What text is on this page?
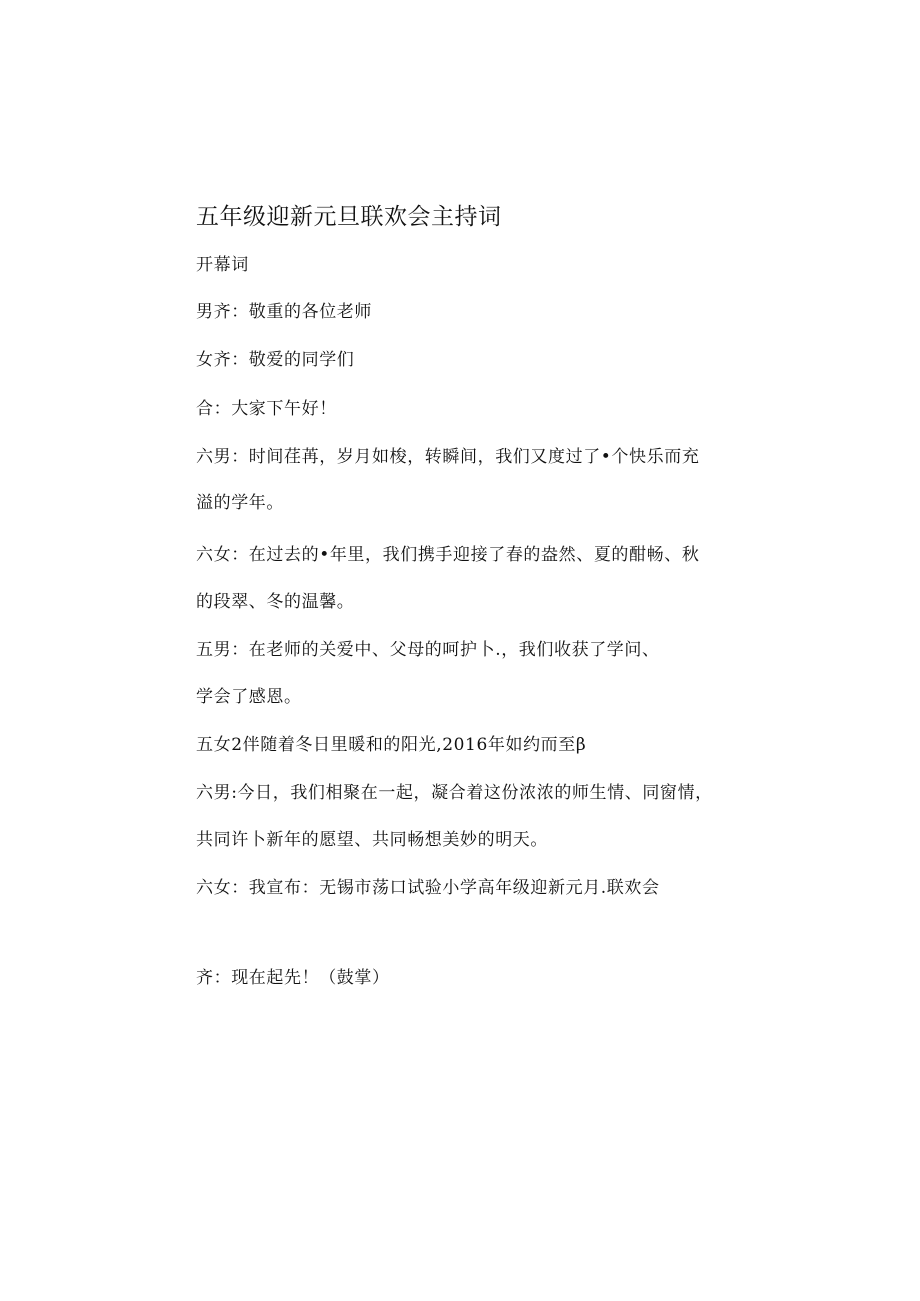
五年级迎新元旦联欢会主持词
开幕词
男齐：敬重的各位老师
女齐：敬爱的同学们
合：大家下午好！
六男：时间荏苒，岁月如梭，转瞬间，我们又度过了•个快乐而充
溢的学年。
六女：在过去的•年里，我们携手迎接了春的盎然、夏的酣畅、秋
的段翠、冬的温馨。
五男：在老师的关爱中、父母的呵护卜.，我们收获了学问、
学会了感恩。
五女2伴随着冬日里暖和的阳光,2016年如约而至β
六男:今日，我们相聚在一起，凝合着这份浓浓的师生情、同窗情，
共同许卜新年的愿望、共同畅想美妙的明天。
六女：我宣布：无锡市荡口试验小学高年级迎新元月.联欢会
齐：现在起先！（鼓掌）
